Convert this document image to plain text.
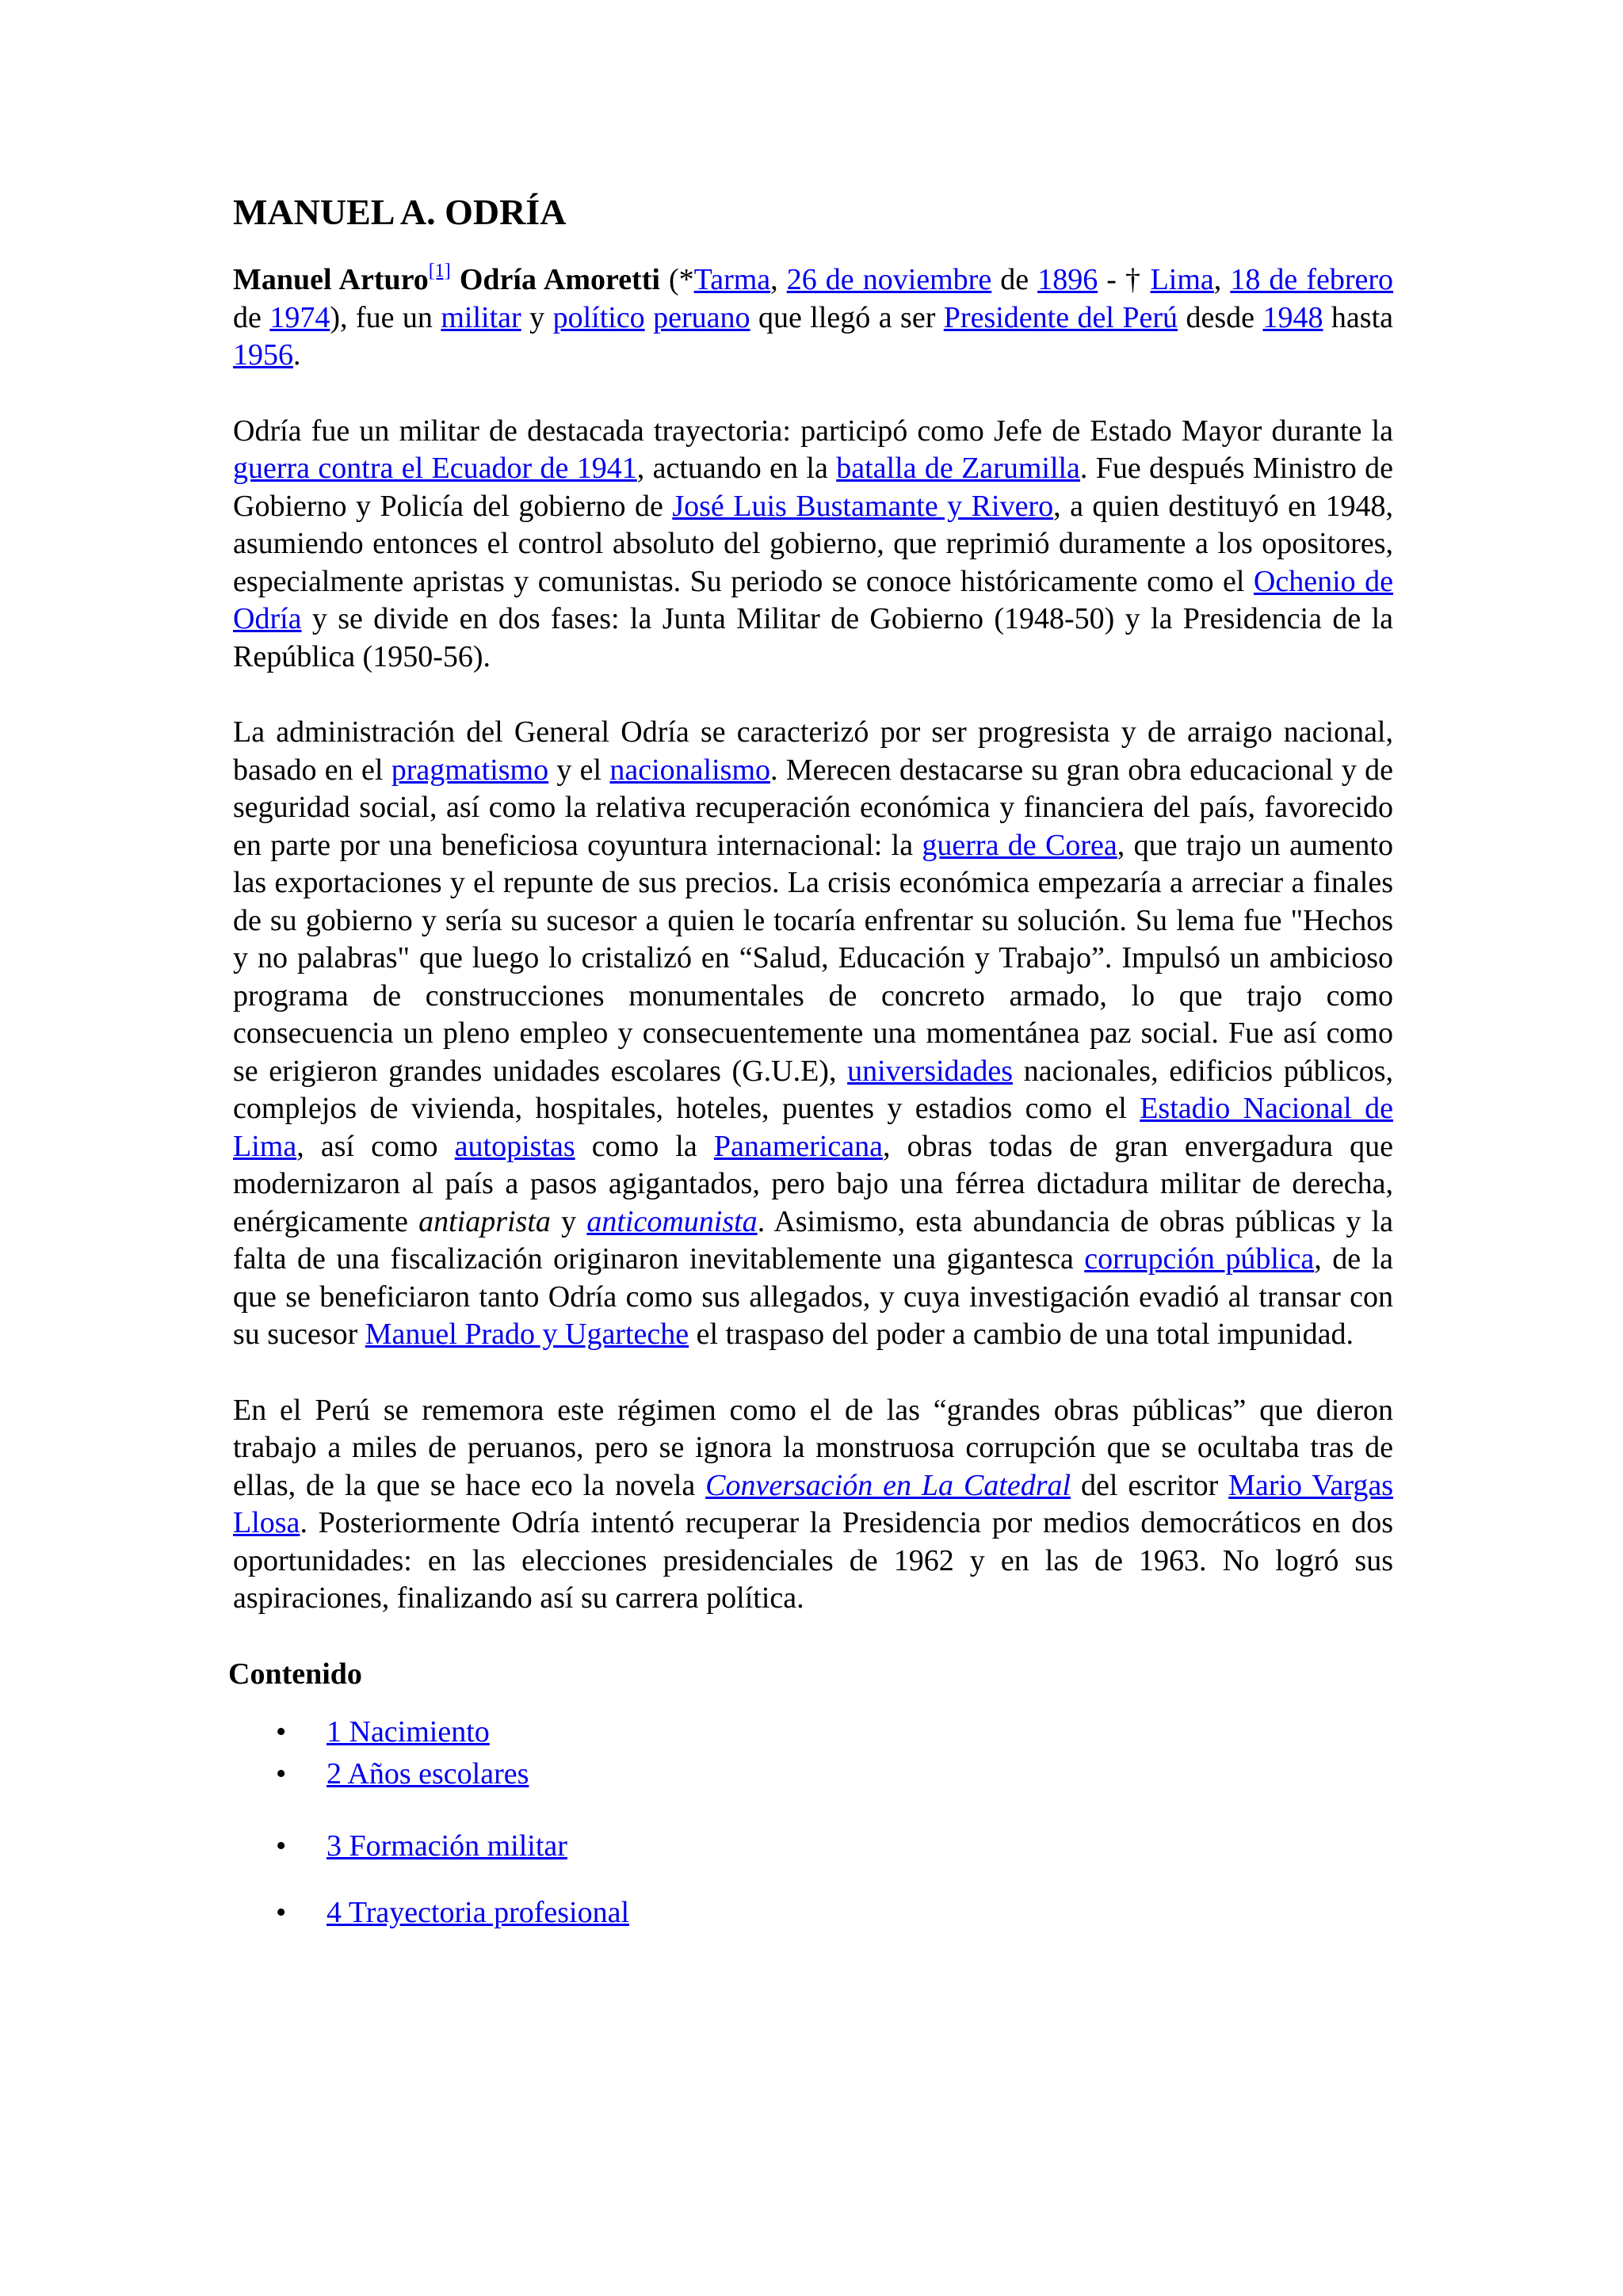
MANUEL A. ODRÍA

Manuel Arturo[1] Odría Amoretti (*Tarma, 26 de noviembre de 1896 - † Lima, 18 de febrero de 1974), fue un militar y político peruano que llegó a ser Presidente del Perú desde 1948 hasta 1956.

Odría fue un militar de destacada trayectoria: participó como Jefe de Estado Mayor durante la guerra contra el Ecuador de 1941, actuando en la batalla de Zarumilla. Fue después Ministro de Gobierno y Policía del gobierno de José Luis Bustamante y Rivero, a quien destituyó en 1948, asumiendo entonces el control absoluto del gobierno, que reprimió duramente a los opositores, especialmente apristas y comunistas. Su periodo se conoce históricamente como el Ochenio de Odría y se divide en dos fases: la Junta Militar de Gobierno (1948-50) y la Presidencia de la República (1950-56).

La administración del General Odría se caracterizó por ser progresista y de arraigo nacional, basado en el pragmatismo y el nacionalismo. Merecen destacarse su gran obra educacional y de seguridad social, así como la relativa recuperación económica y financiera del país, favorecido en parte por una beneficiosa coyuntura internacional: la guerra de Corea, que trajo un aumento las exportaciones y el repunte de sus precios. La crisis económica empezaría a arreciar a finales de su gobierno y sería su sucesor a quien le tocaría enfrentar su solución. Su lema fue "Hechos y no palabras" que luego lo cristalizó en “Salud, Educación y Trabajo”. Impulsó un ambicioso programa de construcciones monumentales de concreto armado, lo que trajo como consecuencia un pleno empleo y consecuentemente una momentánea paz social. Fue así como se erigieron grandes unidades escolares (G.U.E), universidades nacionales, edificios públicos, complejos de vivienda, hospitales, hoteles, puentes y estadios como el Estadio Nacional de Lima, así como autopistas como la Panamericana, obras todas de gran envergadura que modernizaron al país a pasos agigantados, pero bajo una férrea dictadura militar de derecha, enérgicamente antiaprista y anticomunista. Asimismo, esta abundancia de obras públicas y la falta de una fiscalización originaron inevitablemente una gigantesca corrupción pública, de la que se beneficiaron tanto Odría como sus allegados, y cuya investigación evadió al transar con su sucesor Manuel Prado y Ugarteche el traspaso del poder a cambio de una total impunidad.

En el Perú se rememora este régimen como el de las “grandes obras públicas” que dieron trabajo a miles de peruanos, pero se ignora la monstruosa corrupción que se ocultaba tras de ellas, de la que se hace eco la novela Conversación en La Catedral del escritor Mario Vargas Llosa. Posteriormente Odría intentó recuperar la Presidencia por medios democráticos en dos oportunidades: en las elecciones presidenciales de 1962 y en las de 1963. No logró sus aspiraciones, finalizando así su carrera política.

Contenido
• 1 Nacimiento
• 2 Años escolares
• 3 Formación militar
• 4 Trayectoria profesional
